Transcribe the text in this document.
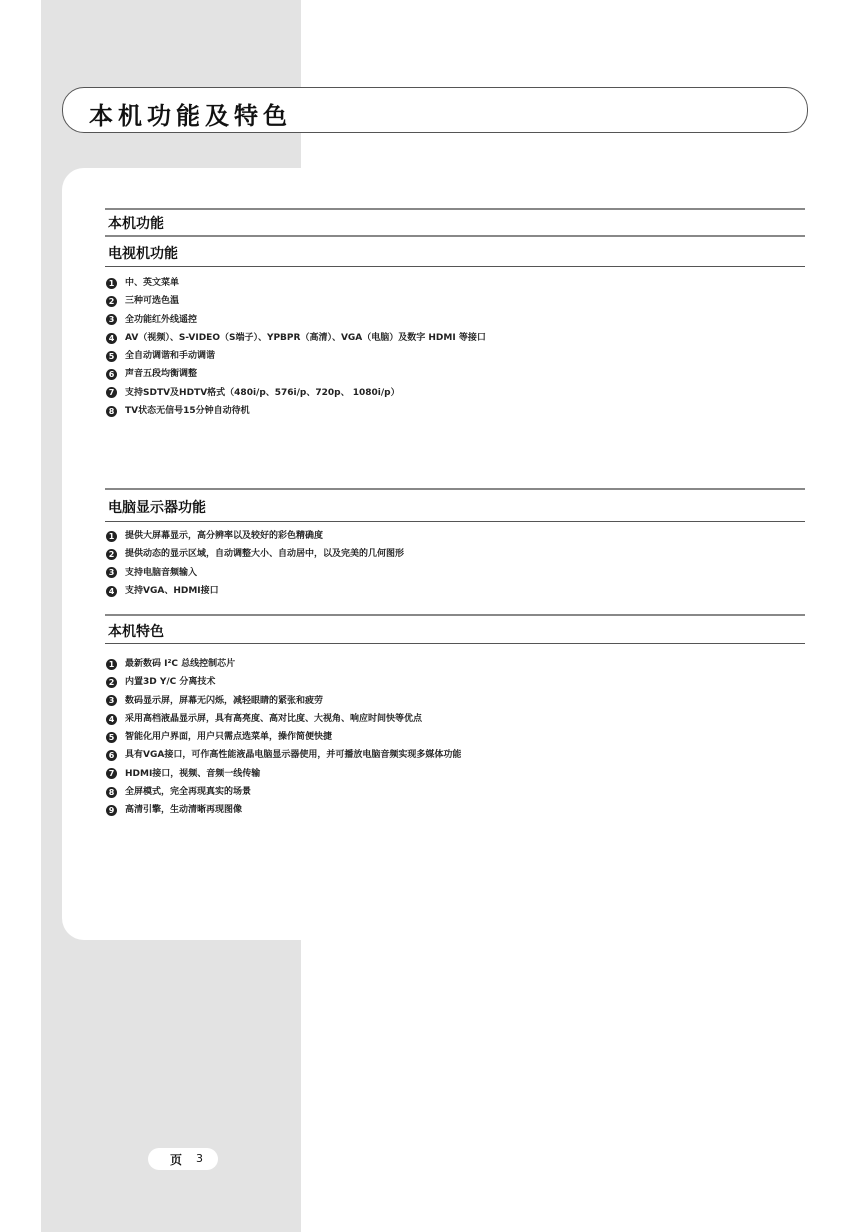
本机功能及特色
本机功能
电视机功能
1 中、英文菜单
2 三种可选色温
3 全功能红外线遥控
4 AV（视频）、S-VIDEO（S端子）、YPBPR（高清）、VGA（电脑）及数字 HDMI 等接口
5 全自动调谐和手动调谐
6 声音五段均衡调整
7 支持SDTV及HDTV格式（480i/p、576i/p、720p、 1080i/p）
8 TV状态无信号15分钟自动待机
电脑显示器功能
1 提供大屏幕显示，高分辨率以及较好的彩色精确度
2 提供动态的显示区域，自动调整大小、自动居中，以及完美的几何图形
3 支持电脑音频输入
4 支持VGA、HDMI接口
本机特色
1 最新数码 I²C 总线控制芯片
2 内置3D Y/C 分离技术
3 数码显示屏，屏幕无闪烁，减轻眼睛的紧张和疲劳
4 采用高档液晶显示屏，具有高亮度、高对比度、大视角、响应时间快等优点
5 智能化用户界面，用户只需点选菜单，操作简便快捷
6 具有VGA接口，可作高性能液晶电脑显示器使用，并可播放电脑音频实现多媒体功能
7 HDMI接口，视频、音频一线传输
8 全屏模式，完全再现真实的场景
9 高清引擎，生动清晰再现图像
页 3
